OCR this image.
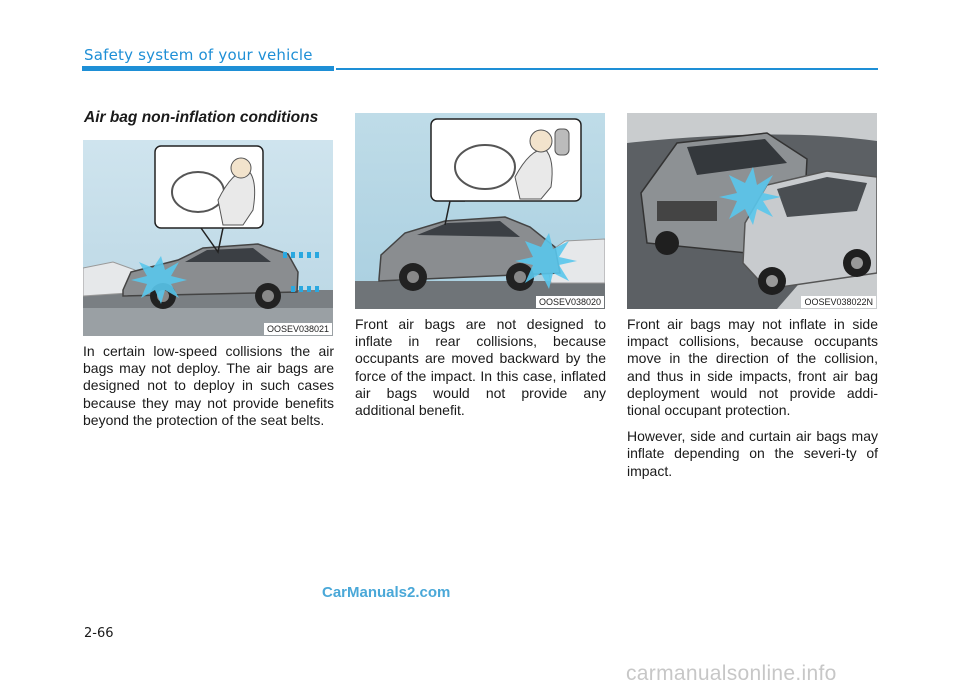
Safety system of your vehicle
Air bag non-inflation conditions
OOSEV038021
OOSEV038020	OOSEV038022N

In certain low-speed collisions the air bags may not deploy. The air bags are designed not to deploy in such cases because they may not provide benefits beyond the protection of the seat belts.

Front air bags are not designed to inflate in rear collisions, because occupants are moved backward by the force of the impact. In this case, inflated air bags would not provide any additional benefit.

Front air bags may not inflate in side impact collisions, because occupants move in the direction of the collision, and thus in side impacts, front air bag deployment would not provide addi-tional occupant protection.

However, side and curtain air bags may inflate depending on the severi-ty of impact.

CarManuals2.com
2-66
carmanualsonline.info
